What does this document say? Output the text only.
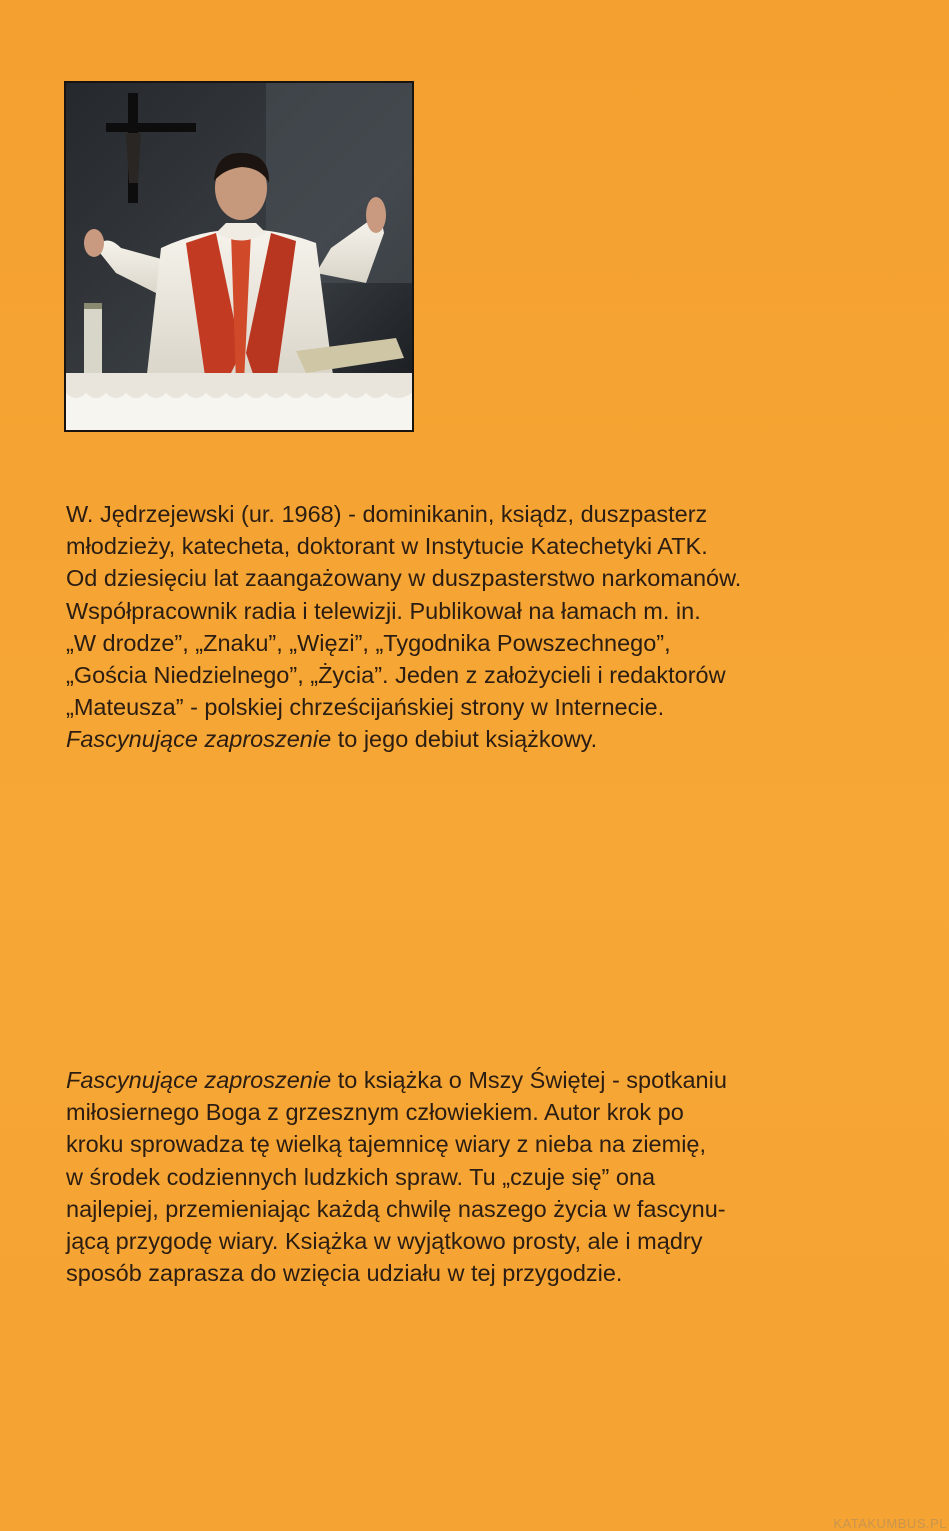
W. Jędrzejewski (ur. 1968) - dominikanin, ksiądz, duszpasterz

młodzieży, katecheta, doktorant w Instytucie Katechetyki ATK.

Od dziesięciu lat zaangażowany w duszpasterstwo narkomanów.

Współpracownik radia i telewizji. Publikował na łamach m. in.

„W drodze”, „Znaku”, „Więzi”, „Tygodnika Powszechnego”,

„Gościa Niedzielnego”, „Życia”. Jeden z założycieli i redaktorów

„Mateusza” - polskiej chrześcijańskiej strony w Internecie.

Fascynujące zaproszenie to jego debiut książkowy.

Fascynujące zaproszenie to książka o Mszy Świętej - spotkaniu

miłosiernego Boga z grzesznym człowiekiem. Autor krok po

kroku sprowadza tę wielką tajemnicę wiary z nieba na ziemię,

w środek codziennych ludzkich spraw. Tu „czuje się” ona

najlepiej, przemieniając każdą chwilę naszego życia w fascynu-

jącą przygodę wiary. Książka w wyjątkowo prosty, ale i mądry

sposób zaprasza do wzięcia udziału w tej przygodzie.

KATAKUMBUS.PL
